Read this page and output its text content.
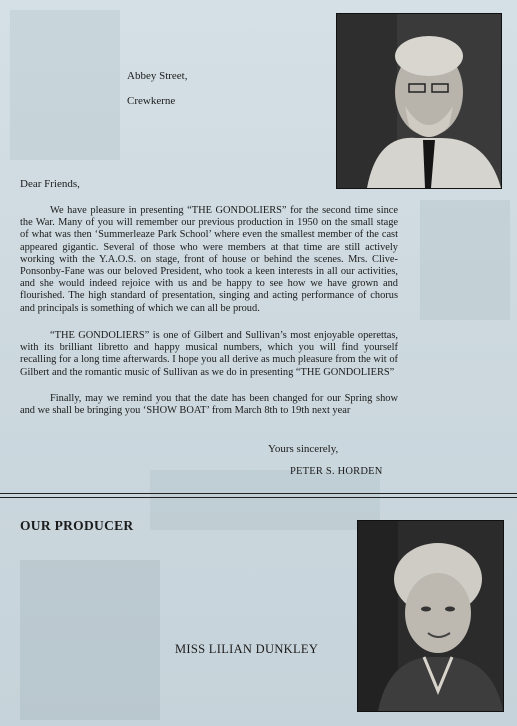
Abbey Street,
Crewkerne
Dear Friends,

We have pleasure in presenting “THE GONDOLIERS” for the second time since the War. Many of you will remember our previous production in 1950 on the small stage of what was then ‘Summerleaze Park School’ where even the smallest member of the cast appeared gigantic. Several of those who were members at that time are still actively working with the Y.A.O.S. on stage, front of house or behind the scenes. Mrs. Clive-Ponsonby-Fane was our beloved President, who took a keen interests in all our activities, and she would indeed rejoice with us and be happy to see how we have grown and flourished. The high standard of presentation, singing and acting performance of chorus and principals is something of which we can all be proud.

“THE GONDOLIERS” is one of Gilbert and Sullivan’s most enjoyable operettas, with its brilliant libretto and happy musical numbers, which you will find yourself recalling for a long time afterwards. I hope you all derive as much pleasure from the wit of Gilbert and the romantic music of Sullivan as we do in presenting “THE GONDOLIERS”

Finally, may we remind you that the date has been changed for our Spring show and we shall be bringing you ‘SHOW BOAT’ from March 8th to 19th next year

Yours sincerely,
PETER S. HORDEN
OUR PRODUCER
MISS LILIAN DUNKLEY
